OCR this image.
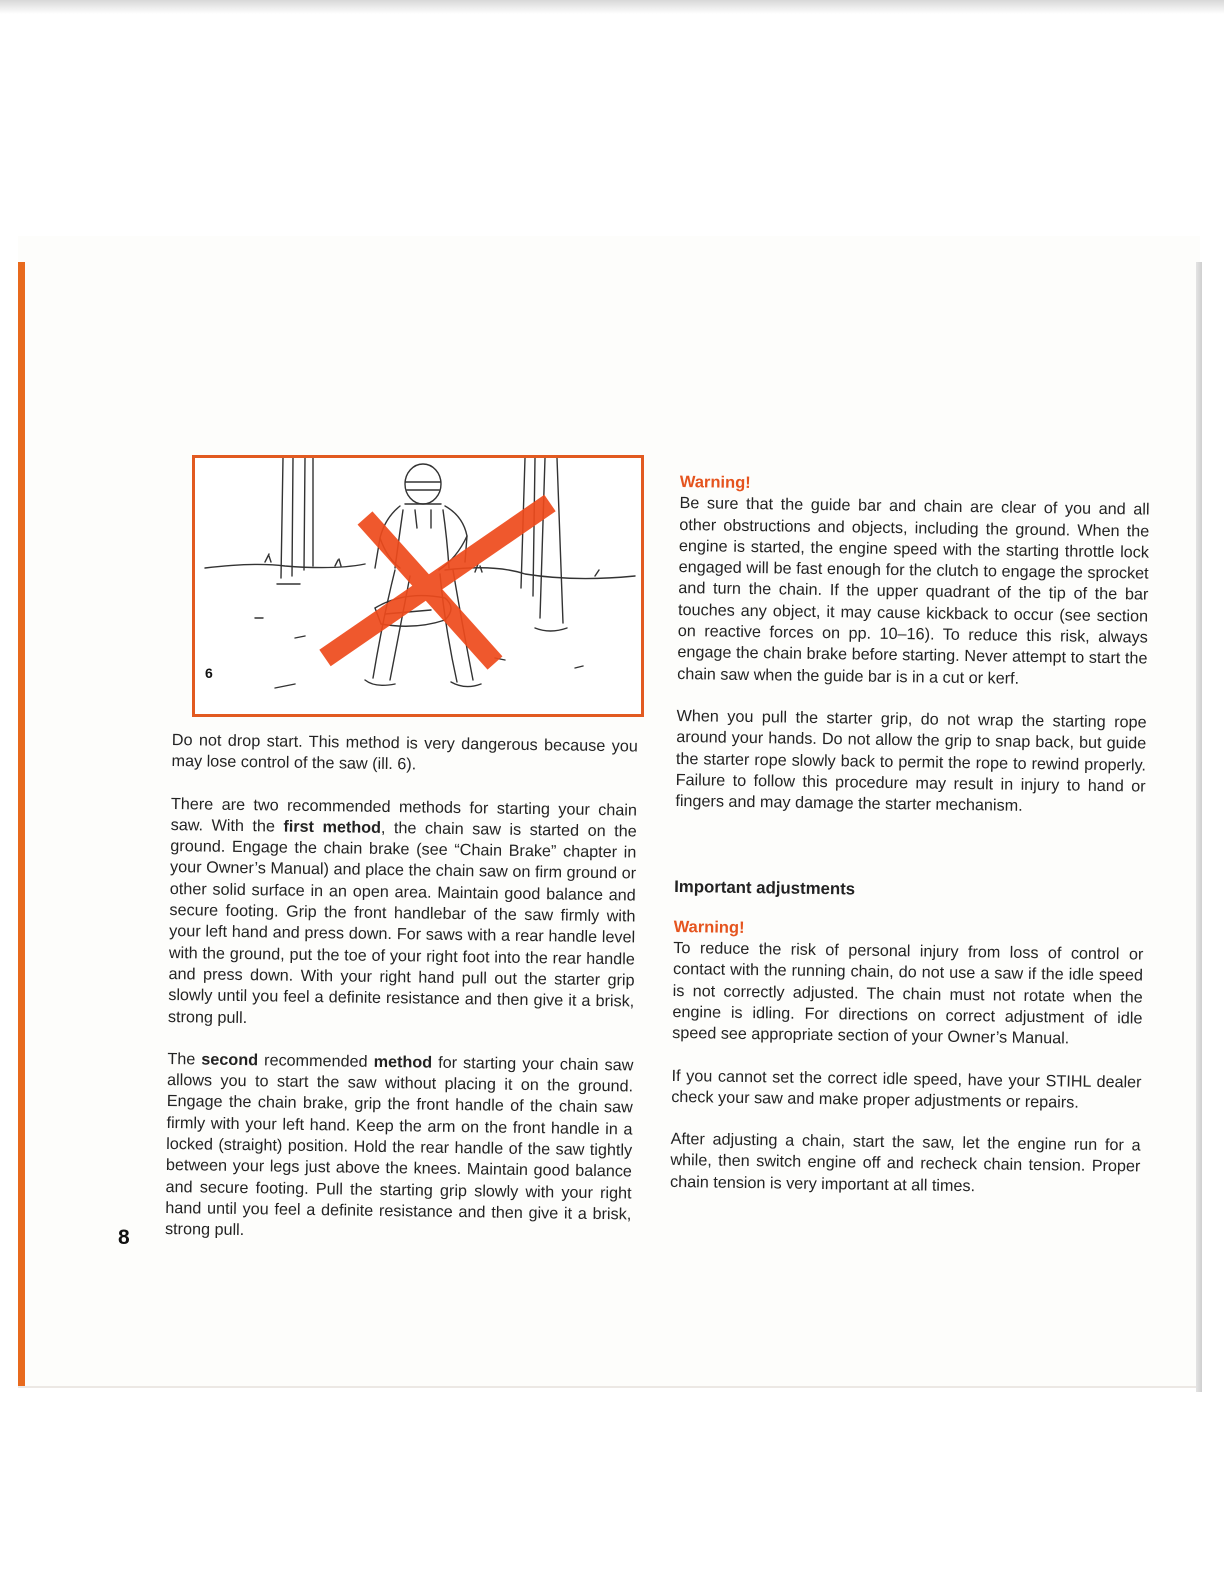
6

Do not drop start. This method is very dangerous because you may lose control of the saw (ill. 6).

There are two recommended methods for starting your chain saw. With the first method, the chain saw is started on the ground. Engage the chain brake (see “Chain Brake” chapter in your Owner’s Manual) and place the chain saw on firm ground or other solid surface in an open area. Maintain good balance and secure footing. Grip the front handlebar of the saw firmly with your left hand and press down. For saws with a rear handle level with the ground, put the toe of your right foot into the rear handle and press down. With your right hand pull out the starter grip slowly until you feel a definite resistance and then give it a brisk, strong pull.

The second recommended method for starting your chain saw allows you to start the saw without placing it on the ground. Engage the chain brake, grip the front handle of the chain saw firmly with your left hand. Keep the arm on the front handle in a locked (straight) position. Hold the rear handle of the saw tightly between your legs just above the knees. Maintain good balance and secure footing. Pull the starting grip slowly with your right hand until you feel a definite resistance and then give it a brisk, strong pull.

Warning!

Be sure that the guide bar and chain are clear of you and all other obstructions and objects, including the ground. When the engine is started, the engine speed with the starting throttle lock engaged will be fast enough for the clutch to engage the sprocket and turn the chain. If the upper quadrant of the tip of the bar touches any object, it may cause kickback to occur (see section on reactive forces on pp. 10–16). To reduce this risk, always engage the chain brake before starting. Never attempt to start the chain saw when the guide bar is in a cut or kerf.

When you pull the starter grip, do not wrap the starting rope around your hands. Do not allow the grip to snap back, but guide the starter rope slowly back to permit the rope to rewind properly. Failure to follow this procedure may result in injury to hand or fingers and may damage the starter mechanism.

Important adjustments

Warning!

To reduce the risk of personal injury from loss of control or contact with the running chain, do not use a saw if the idle speed is not correctly adjusted. The chain must not rotate when the engine is idling. For directions on correct adjustment of idle speed see appropriate section of your Owner’s Manual.

If you cannot set the correct idle speed, have your STIHL dealer check your saw and make proper adjustments or repairs.

After adjusting a chain, start the saw, let the engine run for a while, then switch engine off and recheck chain tension. Proper chain tension is very important at all times.

8
